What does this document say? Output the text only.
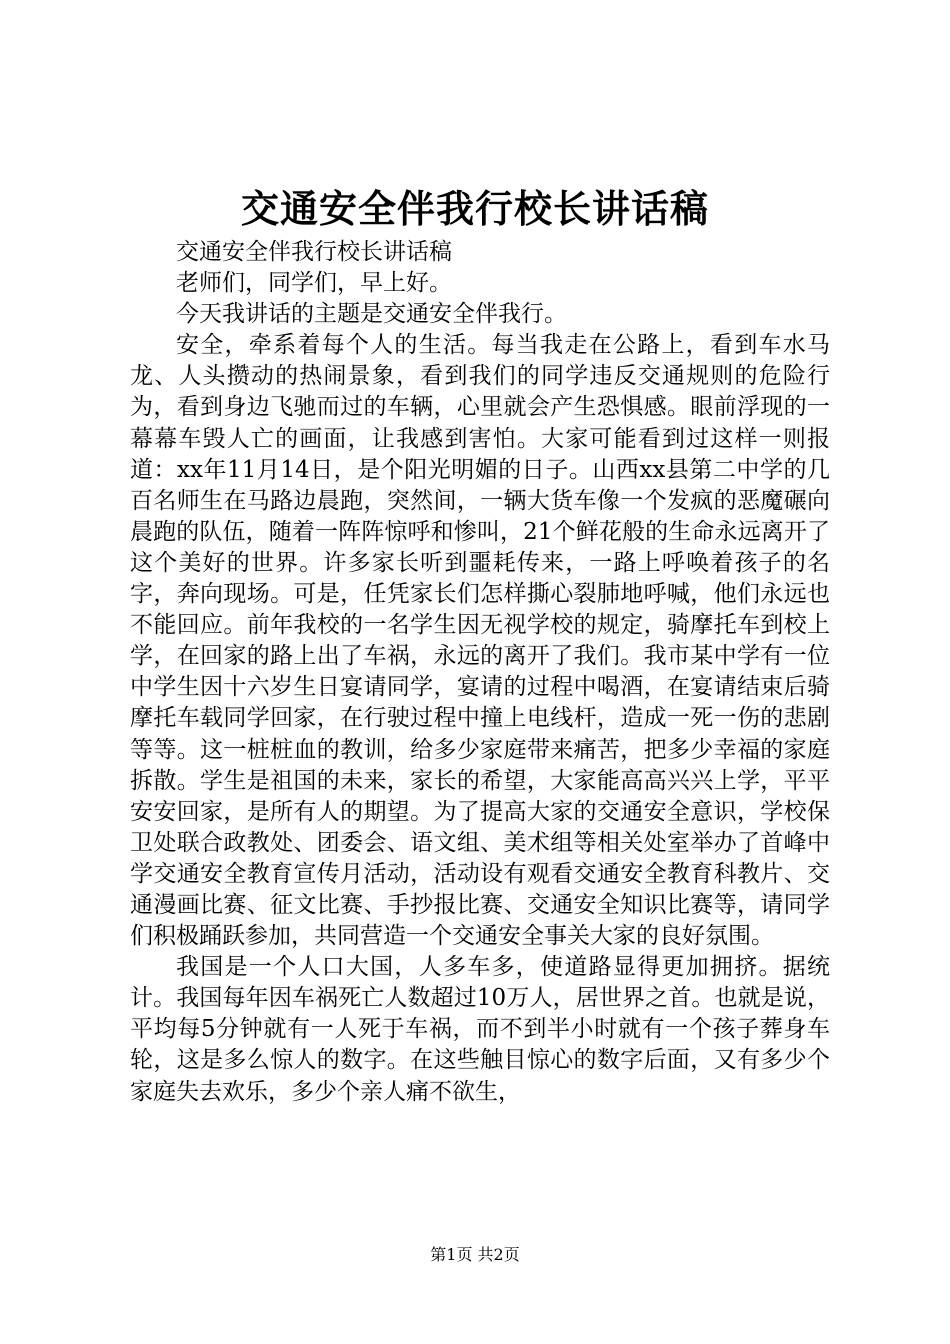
交通安全伴我行校长讲话稿

交通安全伴我行校长讲话稿

老师们，同学们，早上好。

今天我讲话的主题是交通安全伴我行。

安全，牵系着每个人的生活。每当我走在公路上，看到车水马龙、人头攒动的热闹景象，看到我们的同学违反交通规则的危险行为，看到身边飞驰而过的车辆，心里就会产生恐惧感。眼前浮现的一幕幕车毁人亡的画面，让我感到害怕。大家可能看到过这样一则报道：xx年11月14日，是个阳光明媚的日子。山西xx县第二中学的几百名师生在马路边晨跑，突然间，一辆大货车像一个发疯的恶魔碾向晨跑的队伍，随着一阵阵惊呼和惨叫，21个鲜花般的生命永远离开了这个美好的世界。许多家长听到噩耗传来，一路上呼唤着孩子的名字，奔向现场。可是，任凭家长们怎样撕心裂肺地呼喊，他们永远也不能回应。前年我校的一名学生因无视学校的规定，骑摩托车到校上学，在回家的路上出了车祸，永远的离开了我们。我市某中学有一位中学生因十六岁生日宴请同学，宴请的过程中喝酒，在宴请结束后骑摩托车载同学回家，在行驶过程中撞上电线杆，造成一死一伤的悲剧等等。这一桩桩血的教训，给多少家庭带来痛苦，把多少幸福的家庭拆散。学生是祖国的未来，家长的希望，大家能高高兴兴上学，平平安安回家，是所有人的期望。为了提高大家的交通安全意识，学校保卫处联合政教处、团委会、语文组、美术组等相关处室举办了首峰中学交通安全教育宣传月活动，活动设有观看交通安全教育科教片、交通漫画比赛、征文比赛、手抄报比赛、交通安全知识比赛等，请同学们积极踊跃参加，共同营造一个交通安全事关大家的良好氛围。

我国是一个人口大国，人多车多，使道路显得更加拥挤。据统计。我国每年因车祸死亡人数超过10万人，居世界之首。也就是说，平均每5分钟就有一人死于车祸，而不到半小时就有一个孩子葬身车轮，这是多么惊人的数字。在这些触目惊心的数字后面，又有多少个家庭失去欢乐，多少个亲人痛不欲生，

第1页 共2页
